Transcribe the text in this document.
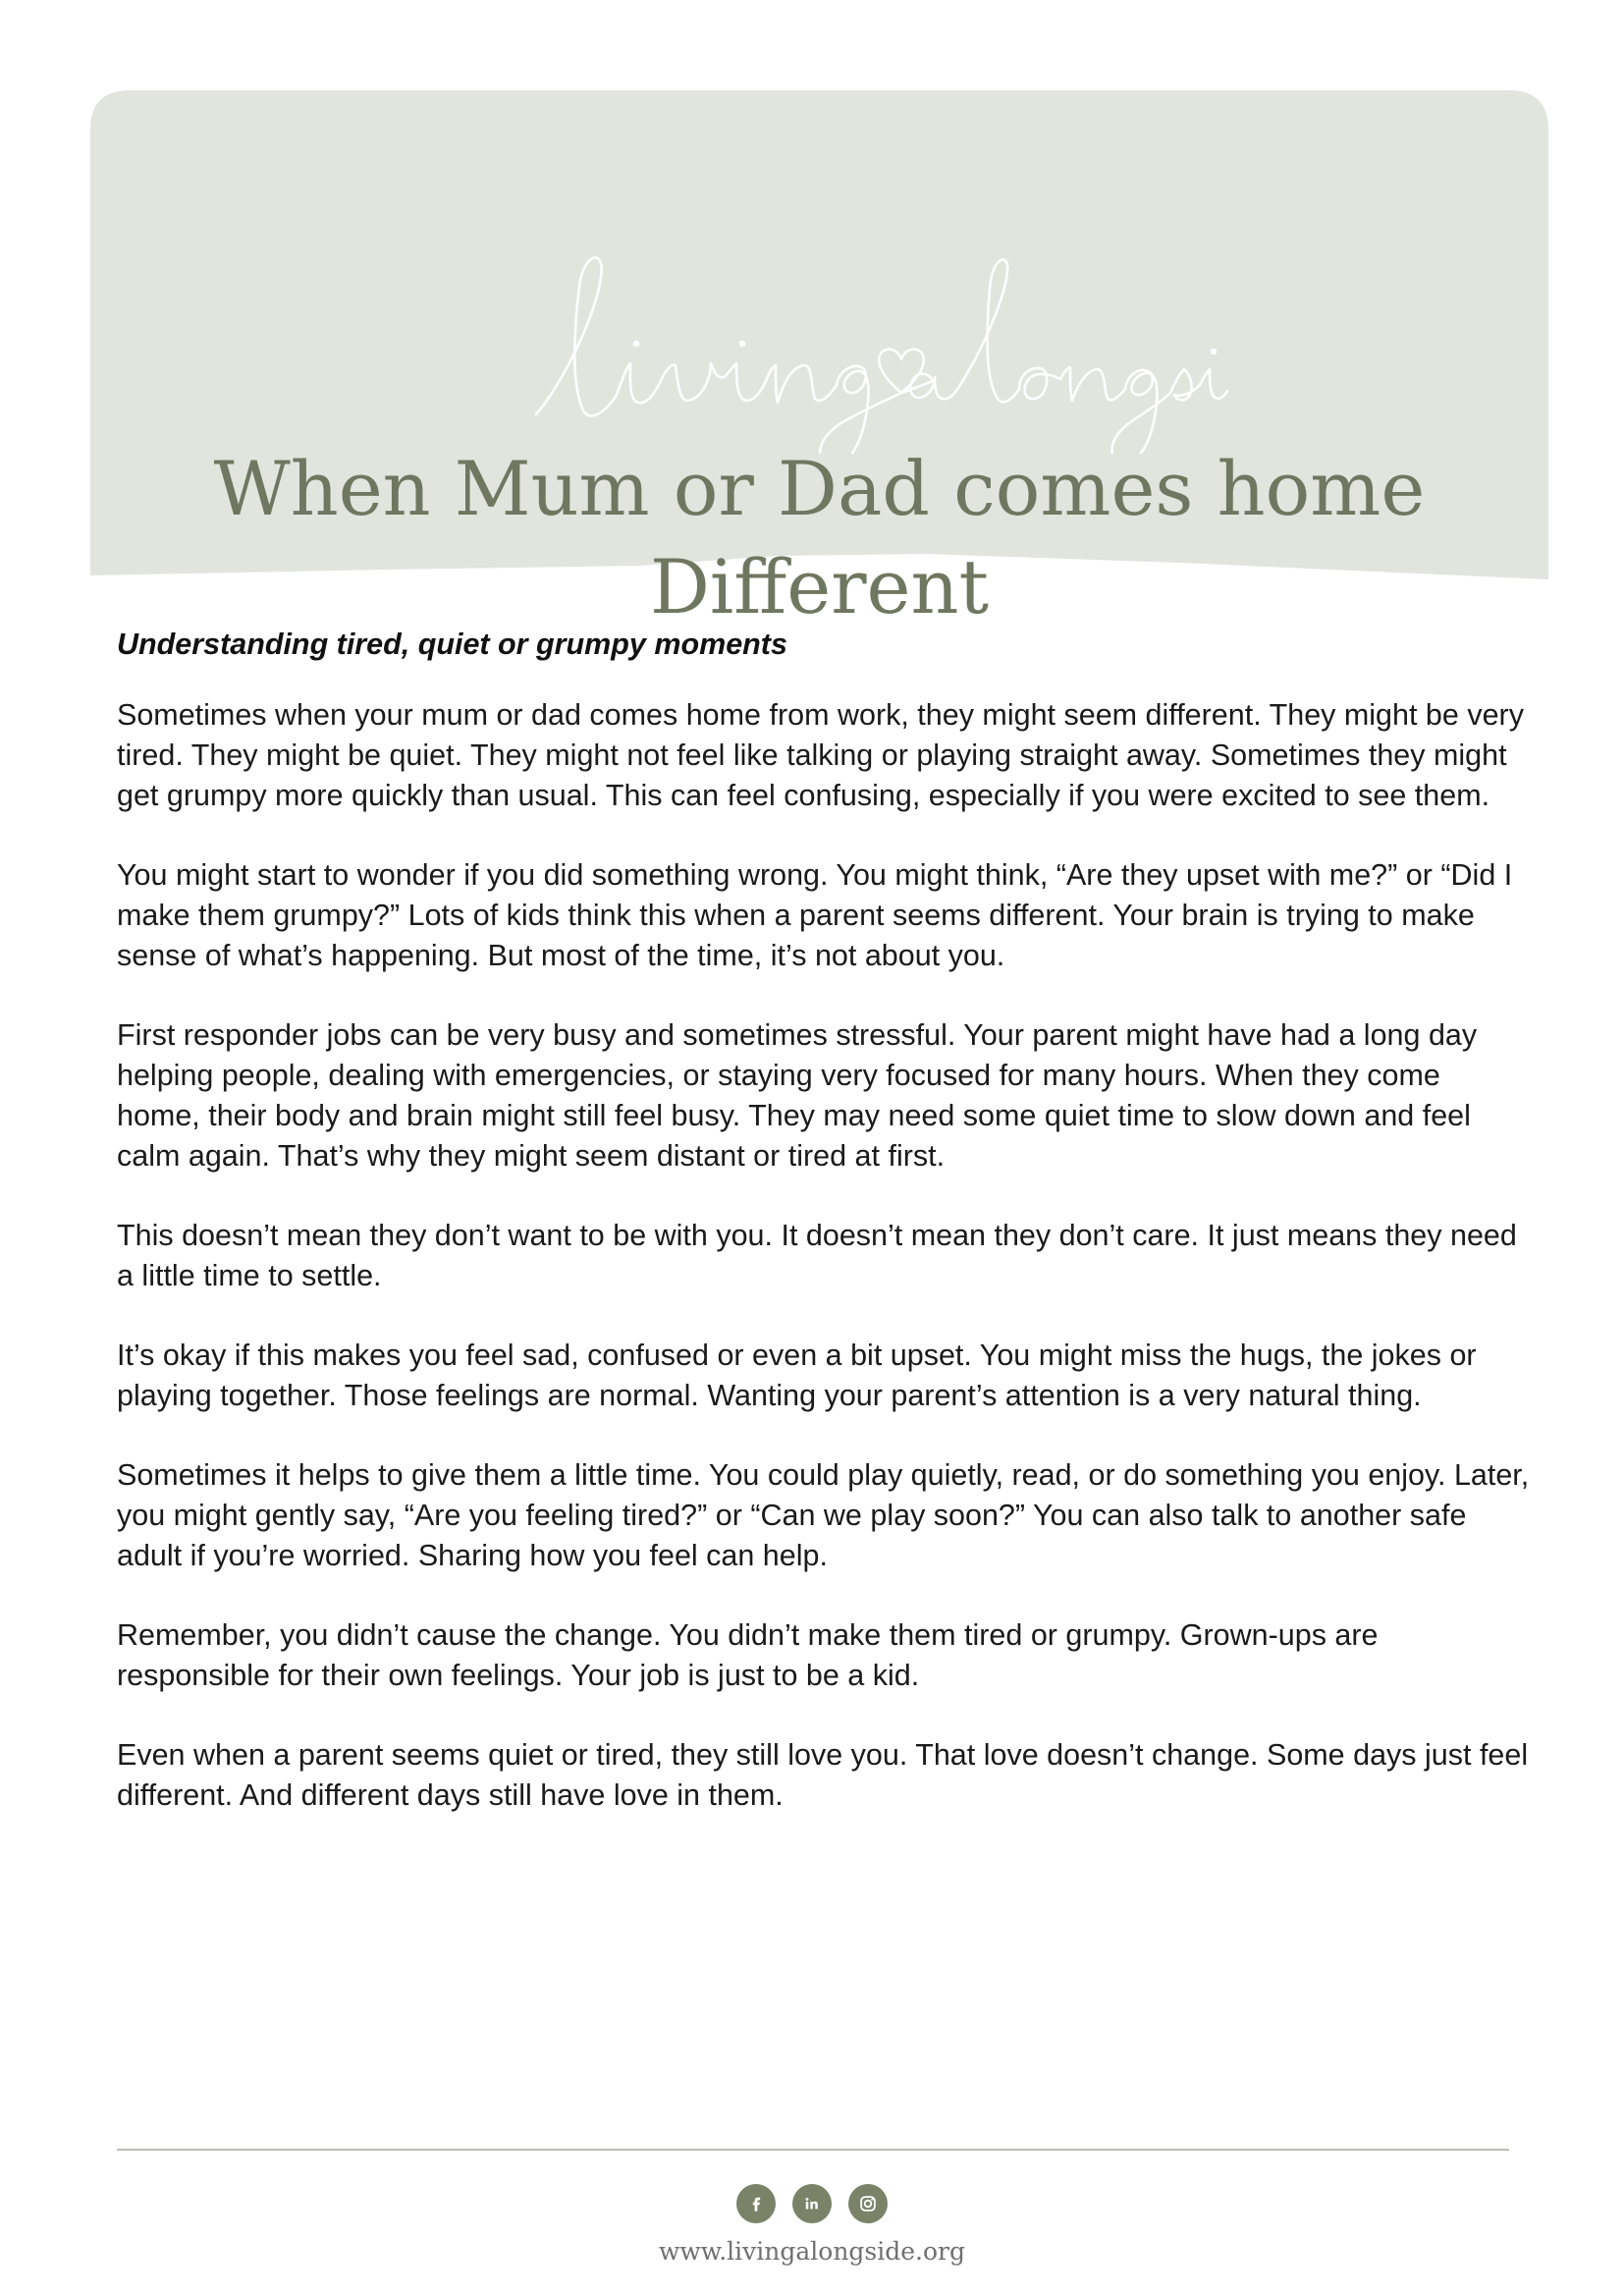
When Mum or Dad comes home Different

Understanding tired, quiet or grumpy moments

Sometimes when your mum or dad comes home from work, they might seem different. They might be very tired. They might be quiet. They might not feel like talking or playing straight away. Sometimes they might get grumpy more quickly than usual. This can feel confusing, especially if you were excited to see them.

You might start to wonder if you did something wrong. You might think, “Are they upset with me?” or “Did I make them grumpy?” Lots of kids think this when a parent seems different. Your brain is trying to make sense of what’s happening. But most of the time, it’s not about you.

First responder jobs can be very busy and sometimes stressful. Your parent might have had a long day helping people, dealing with emergencies, or staying very focused for many hours. When they come home, their body and brain might still feel busy. They may need some quiet time to slow down and feel calm again. That’s why they might seem distant or tired at first.

This doesn’t mean they don’t want to be with you. It doesn’t mean they don’t care. It just means they need a little time to settle.

It’s okay if this makes you feel sad, confused or even a bit upset. You might miss the hugs, the jokes or playing together. Those feelings are normal. Wanting your parent’s attention is a very natural thing.

Sometimes it helps to give them a little time. You could play quietly, read, or do something you enjoy. Later, you might gently say, “Are you feeling tired?” or “Can we play soon?” You can also talk to another safe adult if you’re worried. Sharing how you feel can help.

Remember, you didn’t cause the change. You didn’t make them tired or grumpy. Grown-ups are responsible for their own feelings. Your job is just to be a kid.

Even when a parent seems quiet or tired, they still love you. That love doesn’t change. Some days just feel different. And different days still have love in them.

www.livingalongside.org
